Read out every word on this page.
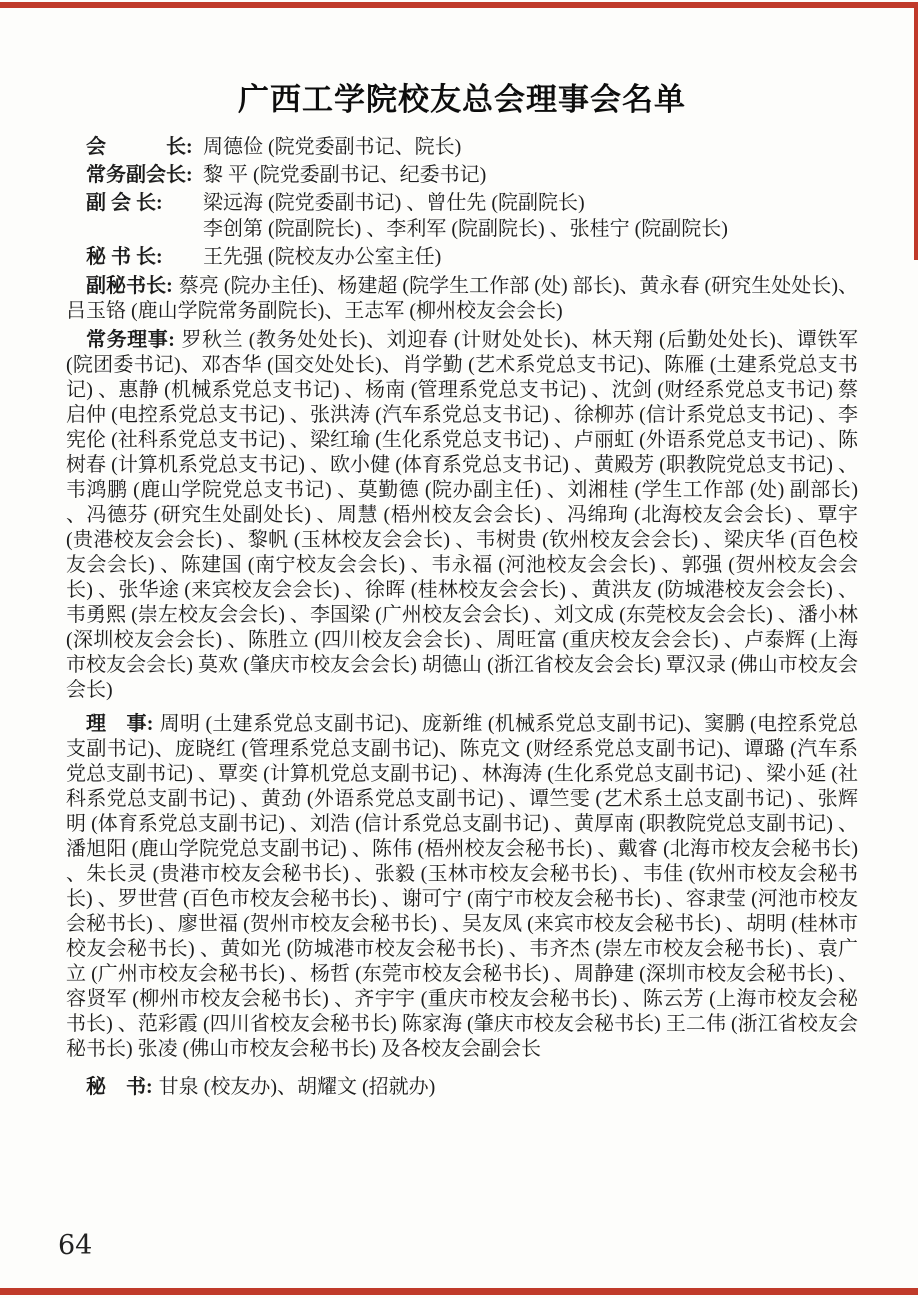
广西工学院校友总会理事会名单
会　　　长: 周德俭 (院党委副书记、院长)
常务副会长: 黎 平 (院党委副书记、纪委书记)
副 会 长:	梁远海 (院党委副书记) 、曾仕先 (院副院长)
李创第 (院副院长) 、李利军 (院副院长) 、张桂宁 (院副院长)
秘 书 长:	王先强 (院校友办公室主任)

副秘书长: 蔡亮 (院办主任)、杨建超 (院学生工作部 (处) 部长)、黄永春 (研究生处处长)、吕玉铬 (鹿山学院常务副院长)、王志军 (柳州校友会会长)

常务理事: 罗秋兰 (教务处处长)、刘迎春 (计财处处长)、林天翔 (后勤处处长)、谭铁军 (院团委书记)、邓杏华 (国交处处长)、肖学勤 (艺术系党总支书记)、陈雁 (土建系党总支书记) 、惠静 (机械系党总支书记) 、杨南 (管理系党总支书记) 、沈剑 (财经系党总支书记) 蔡启仲 (电控系党总支书记) 、张洪涛 (汽车系党总支书记) 、徐柳苏 (信计系党总支书记) 、李宪伦 (社科系党总支书记) 、梁红瑜 (生化系党总支书记) 、卢丽虹 (外语系党总支书记) 、陈树春 (计算机系党总支书记) 、欧小健 (体育系党总支书记) 、黄殿芳 (职教院党总支书记) 、韦鸿鹏 (鹿山学院党总支书记) 、莫勤德 (院办副主任) 、刘湘桂 (学生工作部 (处) 副部长) 、冯德芬 (研究生处副处长) 、周慧 (梧州校友会会长) 、冯绵珣 (北海校友会会长) 、覃宇 (贵港校友会会长) 、黎帆 (玉林校友会会长) 、韦树贵 (钦州校友会会长) 、梁庆华 (百色校友会会长) 、陈建国 (南宁校友会会长) 、韦永福 (河池校友会会长) 、郭强 (贺州校友会会长) 、张华途 (来宾校友会会长) 、徐晖 (桂林校友会会长) 、黄洪友 (防城港校友会会长) 、韦勇熙 (崇左校友会会长) 、李国梁 (广州校友会会长) 、刘文成 (东莞校友会会长) 、潘小林 (深圳校友会会长) 、陈胜立 (四川校友会会长) 、周旺富 (重庆校友会会长) 、卢泰辉 (上海市校友会会长) 莫欢 (肇庆市校友会会长) 胡德山 (浙江省校友会会长) 覃汉录 (佛山市校友会会长)

理　事: 周明 (土建系党总支副书记)、庞新维 (机械系党总支副书记)、窦鹏 (电控系党总支副书记)、庞晓红 (管理系党总支副书记)、陈克文 (财经系党总支副书记)、谭璐 (汽车系党总支副书记) 、覃奕 (计算机党总支副书记) 、林海涛 (生化系党总支副书记) 、梁小延 (社科系党总支副书记) 、黄劲 (外语系党总支副书记) 、谭竺雯 (艺术系土总支副书记) 、张辉明 (体育系党总支副书记) 、刘浩 (信计系党总支副书记) 、黄厚南 (职教院党总支副书记) 、潘旭阳 (鹿山学院党总支副书记) 、陈伟 (梧州校友会秘书长) 、戴睿 (北海市校友会秘书长) 、朱长灵 (贵港市校友会秘书长) 、张毅 (玉林市校友会秘书长) 、韦佳 (钦州市校友会秘书长) 、罗世营 (百色市校友会秘书长) 、谢可宁 (南宁市校友会秘书长) 、容隶莹 (河池市校友会秘书长) 、廖世福 (贺州市校友会秘书长) 、吴友凤 (来宾市校友会秘书长) 、胡明 (桂林市校友会秘书长) 、黄如光 (防城港市校友会秘书长) 、韦齐杰 (崇左市校友会秘书长) 、袁广立 (广州市校友会秘书长) 、杨哲 (东莞市校友会秘书长) 、周静建 (深圳市校友会秘书长) 、容贤军 (柳州市校友会秘书长) 、齐宇宇 (重庆市校友会秘书长) 、陈云芳 (上海市校友会秘书长) 、范彩霞 (四川省校友会秘书长) 陈家海 (肇庆市校友会秘书长) 王二伟 (浙江省校友会秘书长) 张凌 (佛山市校友会秘书长) 及各校友会副会长

秘　书: 甘泉 (校友办)、胡耀文 (招就办)

64
